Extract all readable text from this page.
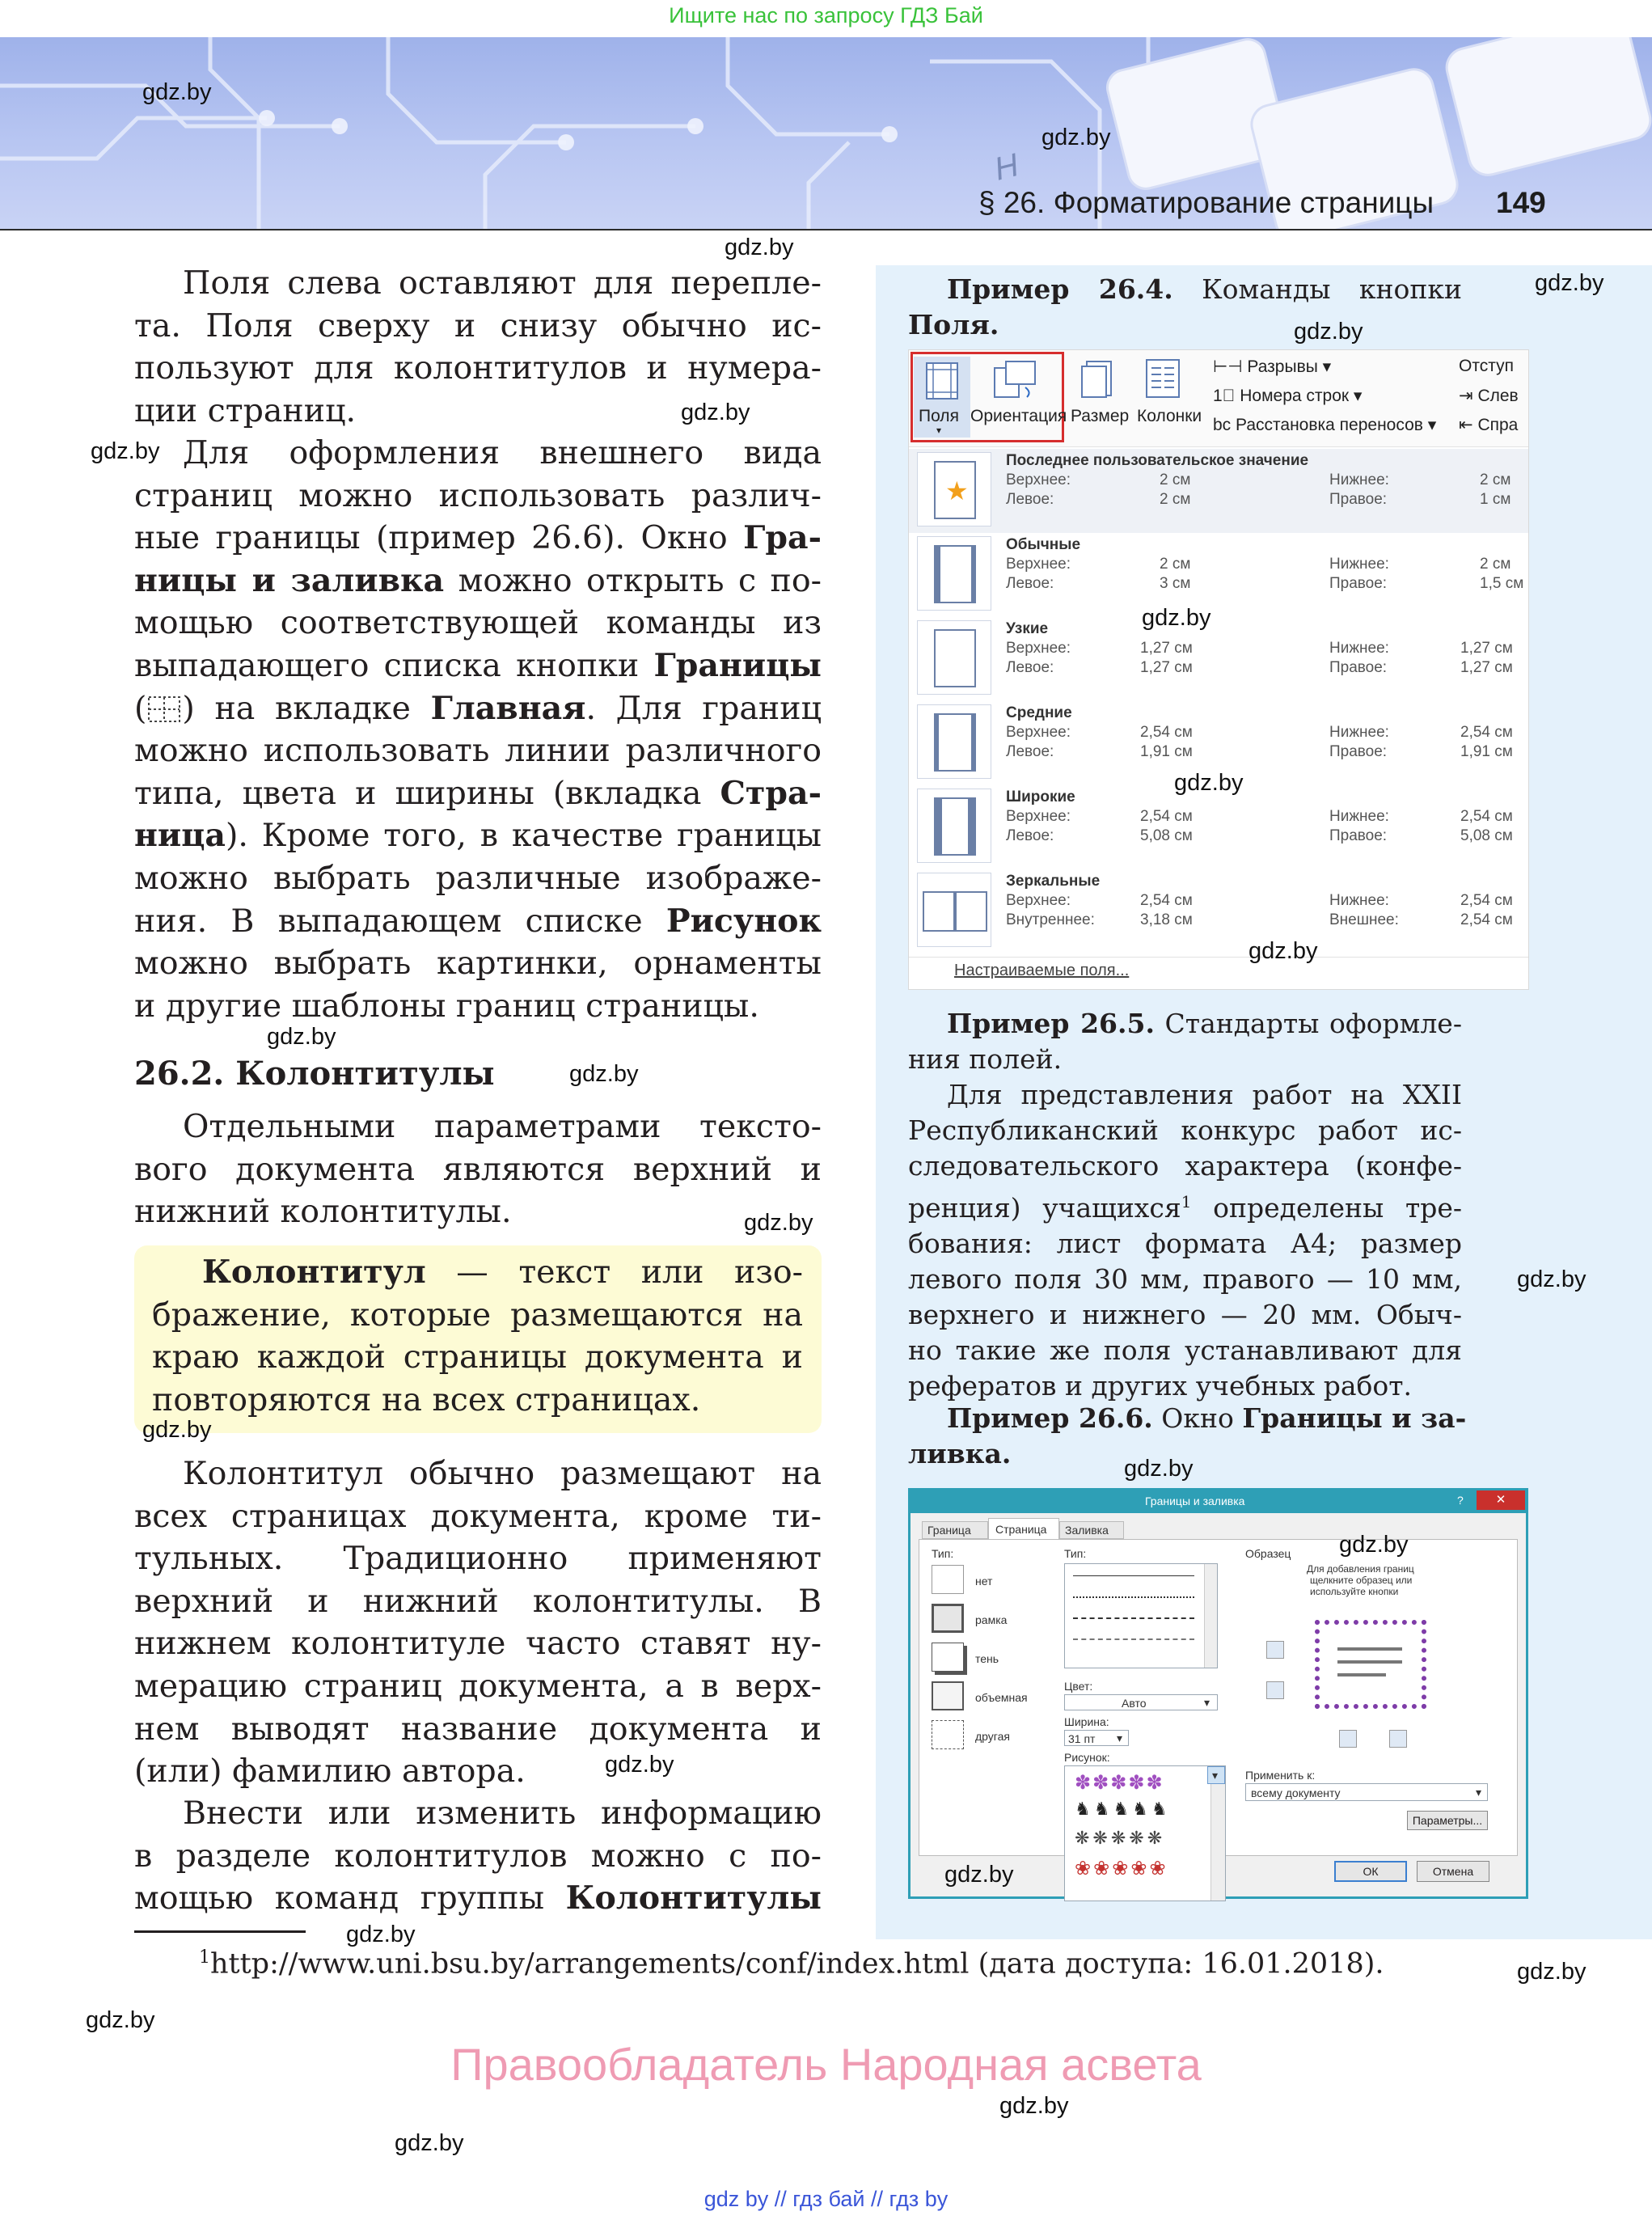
Ищите нас по запросу ГДЗ Бай
H
§ 26. Форматирование страницы 149
Поля слева оставляют для перепле-
та. Поля сверху и снизу обычно ис-
пользуют для колонтитулов и нумера-
ции страниц.
Для оформления внешнего вида
страниц можно использовать различ-
ные границы (пример 26.6). Окно Гра-
ницы и заливка можно открыть с по-
мощью соответствующей команды из
выпадающего списка кнопки Границы
( ) на вкладке Главная. Для границ
можно использовать линии различного
типа, цвета и ширины (вкладка Стра-
ница). Кроме того, в качестве границы
можно выбрать различные изображе-
ния. В выпадающем списке Рисунок
можно выбрать картинки, орнаменты
и другие шаблоны границ страницы.
26.2. Колонтитулы
Отдельными параметрами тексто-
вого документа являются верхний и
нижний колонтитулы.
Колонтитул — текст или изо-
бражение, которые размещаются на
краю каждой страницы документа и
повторяются на всех страницах.
Колонтитул обычно размещают на
всех страницах документа, кроме ти-
тульных. Традиционно применяют
верхний и нижний колонтитулы. В
нижнем колонтитуле часто ставят ну-
мерацию страниц документа, а в верх-
нем выводят название документа и
(или) фамилию автора.
Внести или изменить информацию
в разделе колонтитулов можно с по-
мощью команд группы Колонтитулы
Пример 26.4. Команды кнопки
Поля.
Поля
▾
Ориентация Размер Колонки
⊢⊣ Разрывы ▾
1⃣ Номера строк ▾
bc Расстановка переносов ▾
Отступ
⇥ Слев
⇤ Спра
★
Последнее пользовательское значение
Верхнее:	2 см
Левое:	2 см
Нижнее:	2 см
Правое:	1 см
Обычные
Верхнее:	2 см
Левое:	3 см
Нижнее:	2 см
Правое:	1,5 см
Узкие
Верхнее:	1,27 см
Левое:	1,27 см
Нижнее:	1,27 см
Правое:	1,27 см
Средние
Верхнее:	2,54 см
Левое:	1,91 см
Нижнее:	2,54 см
Правое:	1,91 см
Широкие
Верхнее:	2,54 см
Левое:	5,08 см
Нижнее:	2,54 см
Правое:	5,08 см
Зеркальные
Верхнее:	2,54 см
Внутреннее:	3,18 см
Нижнее:	2,54 см
Внешнее:	2,54 см
Настраиваемые поля...
Пример 26.5. Стандарты оформле-
ния полей.
Для представления работ на XXII
Республиканский конкурс работ ис-
следовательского характера (конфе-
ренция) учащихся$^1$ определены тре-
бования: лист формата А4; размер
левого поля 30 мм, правого — 10 мм,
верхнего и нижнего — 20 мм. Обыч-
но такие же поля устанавливают для
рефератов и других учебных работ.
Пример 26.6. Окно Границы и за-
ливка.
Границы и заливка	?	✕
Граница Страница Заливка
Тип:
нет
рамка
тень
объемная
другая
Тип:
Цвет:
Авто	▾
Ширина:
31 пт ▾
Рисунок:
✽✽✽✽✽
♞♞♞♞♞
❋❋❋❋❋
❀❀❀❀❀
▾
Образец
Для добавления границ
щелкните образец или
используйте кнопки
Применить к:
всему документу	▾
Параметры...
ОК	Отмена
$^1$http://www.uni.bsu.by/arrangements/conf/index.html (дата доступа: 16.01.2018).
gdz.by
gdz.by
gdz.by
gdz.by
gdz.by
gdz.by
gdz.by
gdz.by
gdz.by
gdz.by
gdz.by
gdz.by
gdz.by
gdz.by
gdz.by
gdz.by
gdz.by
gdz.by
gdz.by
gdz.by
gdz.by
gdz.by
gdz.by
gdz.by
Правообладатель Народная асвета
gdz by // гдз бай // гдз by
